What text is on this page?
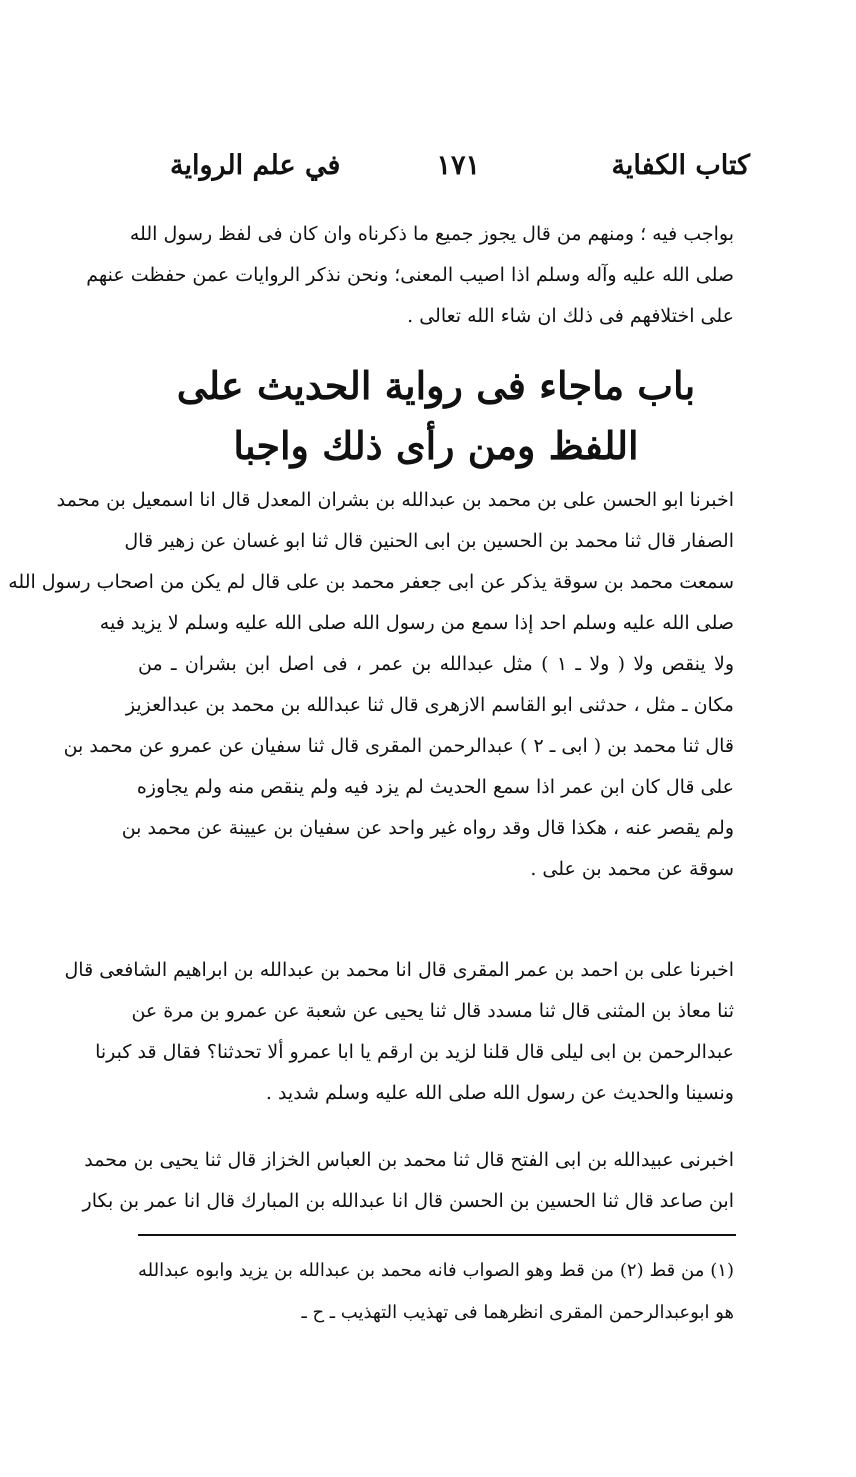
كتاب الكفاية
١٧١
في علم الرواية
بواجب فيه ؛ ومنهم من قال يجوز جميع ما ذكرناه وان كان فى لفظ رسول الله
صلى الله عليه وآله وسلم اذا اصيب المعنى؛ ونحن نذكر الروايات عمن حفظت عنهم
على اختلافهم فى ذلك ان شاء الله تعالى .
باب ماجاء فى رواية الحديث على
اللفظ ومن رأى ذلك واجبا
اخبرنا ابو الحسن على بن محمد بن عبدالله بن بشران المعدل قال انا اسمعيل بن محمد
الصفار قال ثنا محمد بن الحسين بن ابى الحنين قال ثنا ابو غسان عن زهير قال
سمعت محمد بن سوقة يذكر عن ابى جعفر محمد بن على قال لم يكن من اصحاب رسول الله
صلى الله عليه وسلم احد إذا سمع من رسول الله صلى الله عليه وسلم لا يزيد فيه
ولا ينقص ولا ( ولا ـ ١ ) مثل عبدالله بن عمر ، فى اصل ابن بشران ـ من
مكان ـ مثل ، حدثنى ابو القاسم الازهرى قال ثنا عبدالله بن محمد بن عبدالعزيز
قال ثنا محمد بن ( ابى ـ ٢ ) عبدالرحمن المقرى قال ثنا سفيان عن عمرو عن محمد بن
على قال كان ابن عمر اذا سمع الحديث لم يزد فيه ولم ينقص منه ولم يجاوزه
ولم يقصر عنه ، هكذا قال وقد رواه غير واحد عن سفيان بن عيينة عن محمد بن
سوقة عن محمد بن على .
اخبرنا على بن احمد بن عمر المقرى قال انا محمد بن عبدالله بن ابراهيم الشافعى قال
ثنا معاذ بن المثنى قال ثنا مسدد قال ثنا يحيى عن شعبة عن عمرو بن مرة عن
عبدالرحمن بن ابى ليلى قال قلنا لزيد بن ارقم يا ابا عمرو ألا تحدثنا؟ فقال قد كبرنا
ونسينا والحديث عن رسول الله صلى الله عليه وسلم شديد .
اخبرنى عبيدالله بن ابى الفتح قال ثنا محمد بن العباس الخزاز قال ثنا يحيى بن محمد
ابن صاعد قال ثنا الحسين بن الحسن قال انا عبدالله بن المبارك قال انا عمر بن بكار
(١) من قط (٢) من قط وهو الصواب فانه محمد بن عبدالله بن يزيد وابوه عبدالله
هو ابوعبدالرحمن المقرى انظرهما فى تهذيب التهذيب ـ ح ـ
